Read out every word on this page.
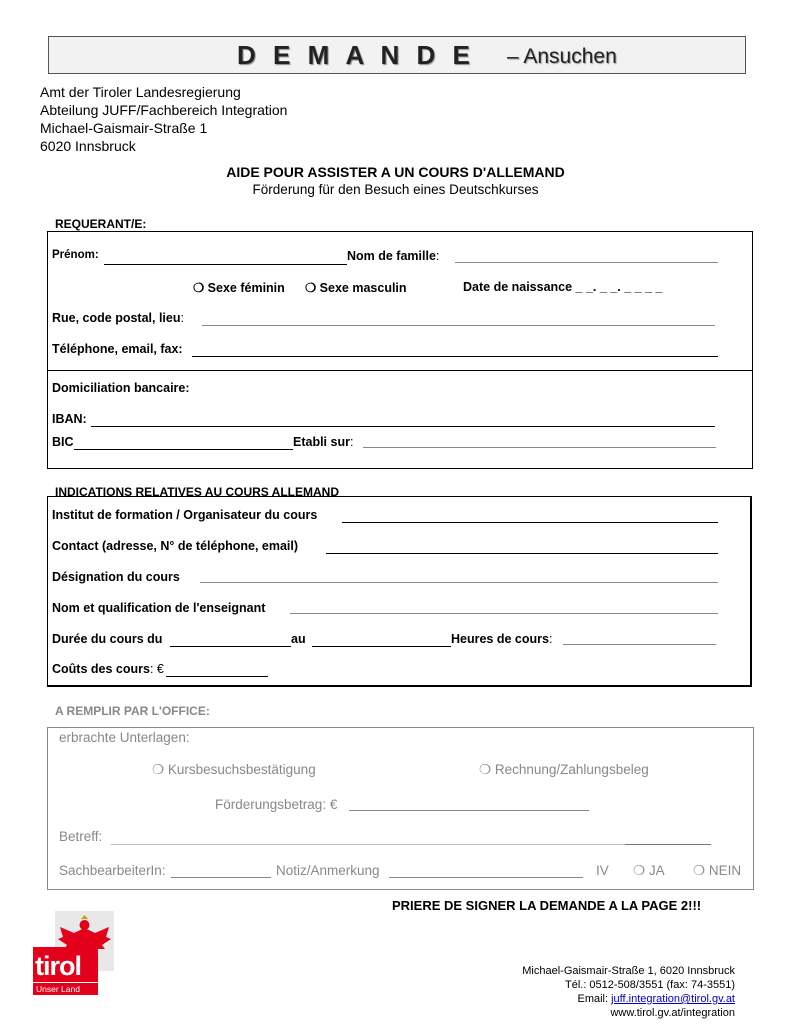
D E M A N D E – Ansuchen
Amt der Tiroler Landesregierung
Abteilung JUFF/Fachbereich Integration
Michael-Gaismair-Straße 1
6020 Innsbruck
AIDE POUR ASSISTER A UN COURS D'ALLEMAND
Förderung für den Besuch eines Deutschkurses
REQUERANT/E:
Prénom:	Nom de famille:
❍ Sexe féminin ❍ Sexe masculin	Date de naissance _ _. _ _. _ _ _ _
Rue, code postal, lieu:
Téléphone, email, fax:
Domiciliation bancaire:
IBAN:
BIC	Etabli sur:
INDICATIONS RELATIVES AU COURS ALLEMAND
Institut de formation / Organisateur du cours
Contact (adresse, N° de téléphone, email)
Désignation du cours
Nom et qualification de l'enseignant
Durée du cours du	au	Heures de cours:
Coûts des cours: €
A REMPLIR PAR L'OFFICE:
erbrachte Unterlagen:
❍ Kursbesuchsbestätigung	❍ Rechnung/Zahlungsbeleg
Förderungsbetrag: €
Betreff:
SachbearbeiterIn:	Notiz/Anmerkung	IV ❍ JA ❍ NEIN
PRIERE DE SIGNER LA DEMANDE A LA PAGE 2!!!
tirol
Unser Land
Michael-Gaismair-Straße 1, 6020 Innsbruck
Tél.: 0512-508/3551 (fax: 74-3551)
Email: juff.integration@tirol.gv.at
www.tirol.gv.at/integration
